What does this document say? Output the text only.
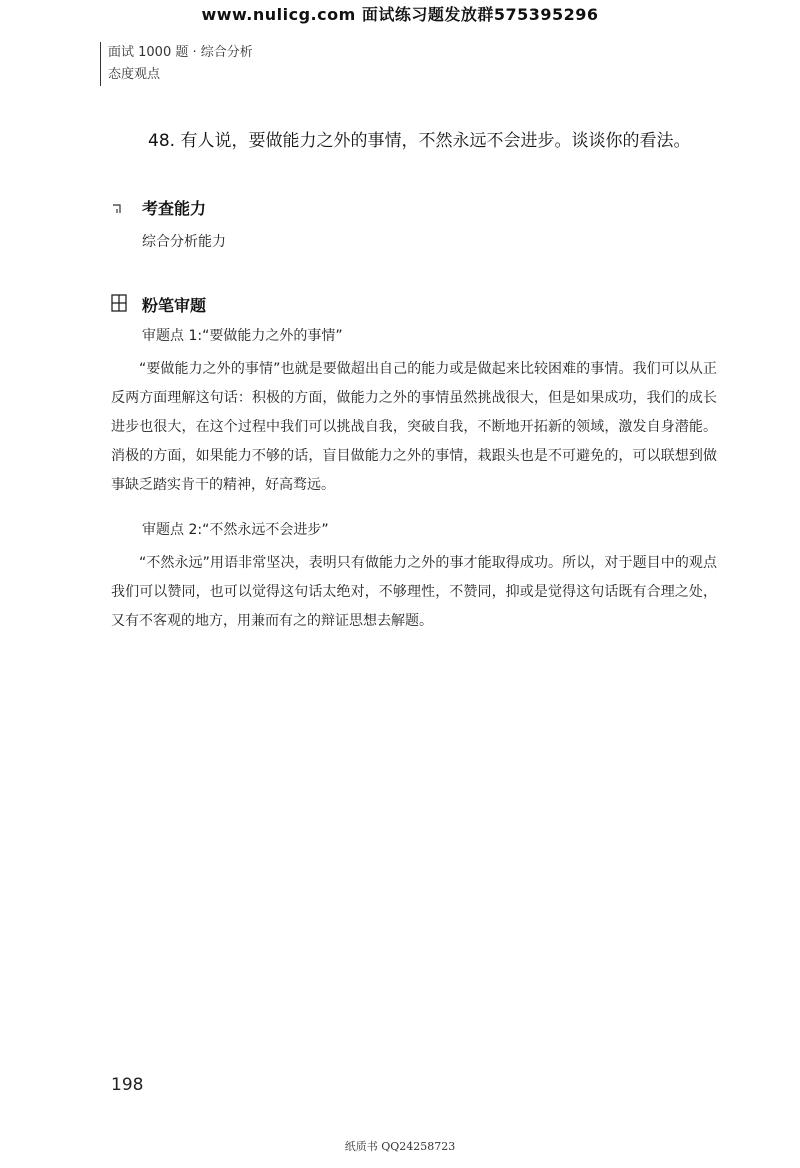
www.nulicg.com 面试练习题发放群575395296
面试 1000 题 · 综合分析
态度观点
48. 有人说，要做能力之外的事情，不然永远不会进步。谈谈你的看法。
考查能力
综合分析能力
粉笔审题
审题点 1:“要做能力之外的事情”
“要做能力之外的事情”也就是要做超出自己的能力或是做起来比较困难的事情。我们可以从正反两方面理解这句话：积极的方面，做能力之外的事情虽然挑战很大，但是如果成功，我们的成长进步也很大，在这个过程中我们可以挑战自我，突破自我，不断地开拓新的领域，激发自身潜能。消极的方面，如果能力不够的话，盲目做能力之外的事情，栽跟头也是不可避免的，可以联想到做事缺乏踏实肯干的精神，好高骛远。
审题点 2:“不然永远不会进步”
“不然永远”用语非常坚决，表明只有做能力之外的事才能取得成功。所以，对于题目中的观点我们可以赞同，也可以觉得这句话太绝对，不够理性，不赞同，抑或是觉得这句话既有合理之处，又有不客观的地方，用兼而有之的辩证思想去解题。
198
纸质书 QQ24258723
